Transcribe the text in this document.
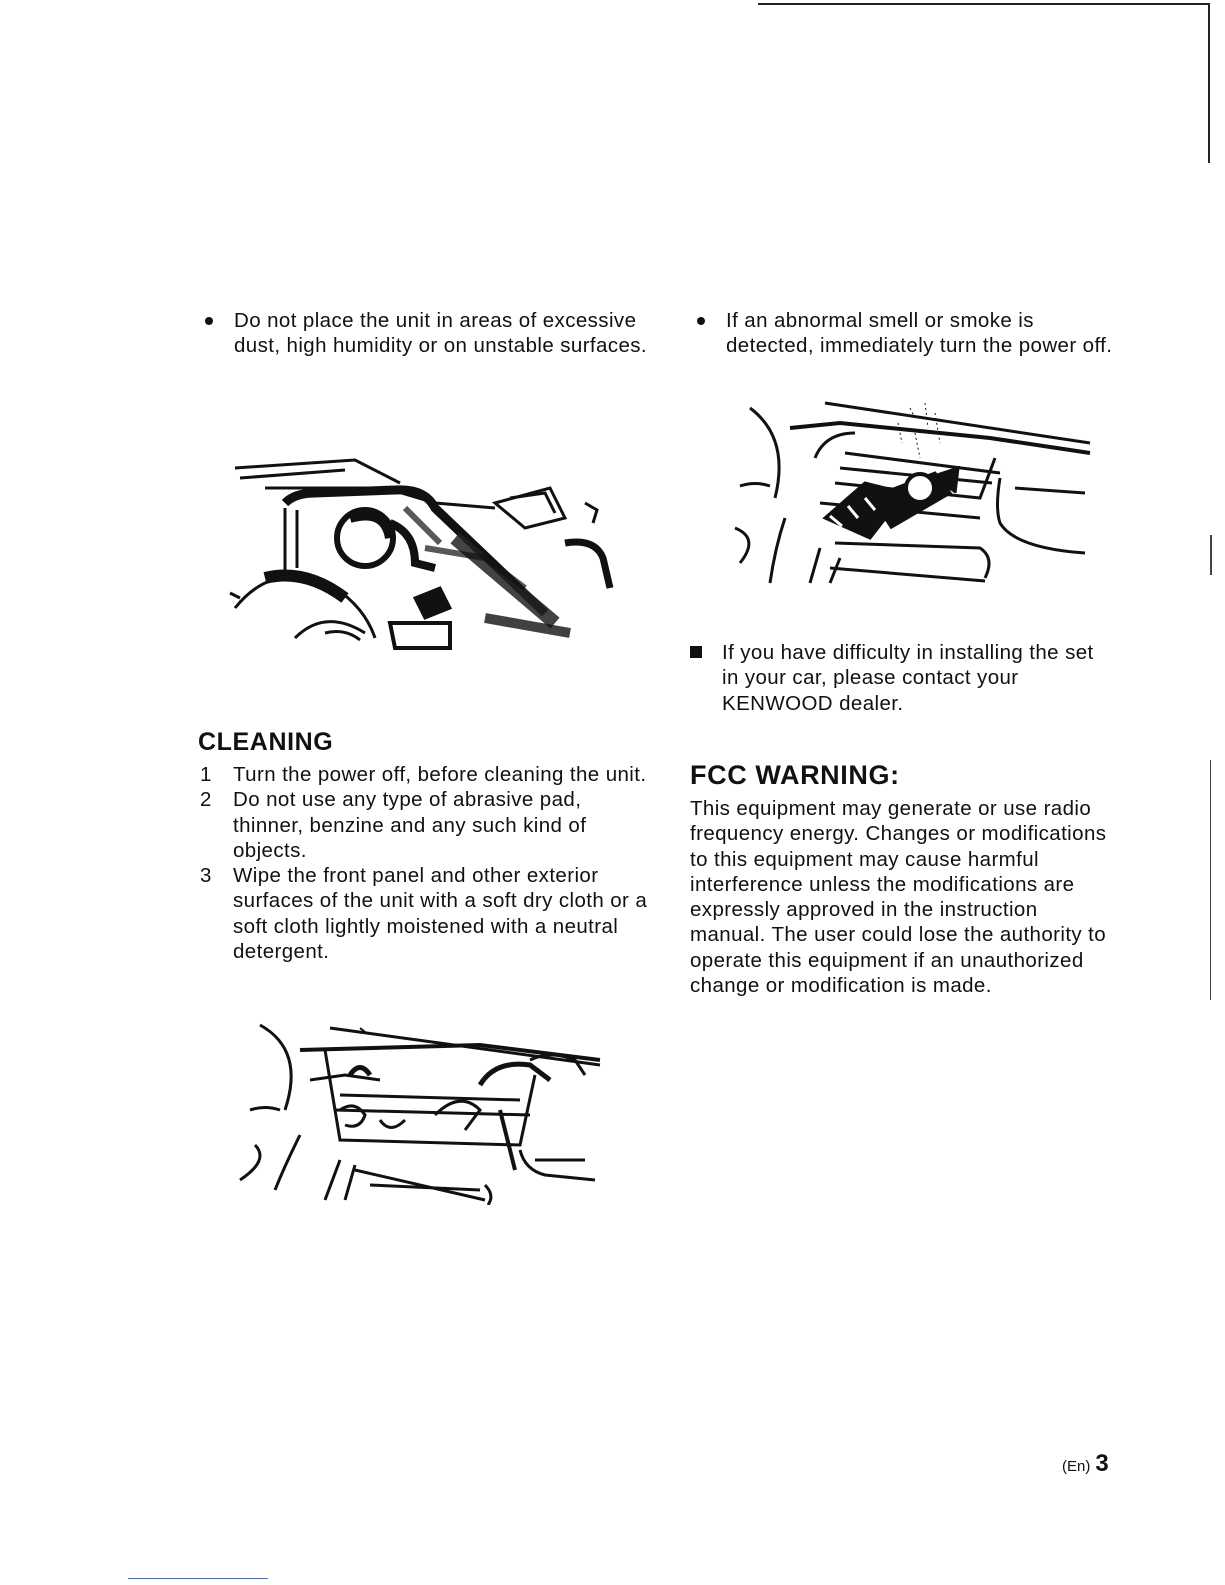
Do not place the unit in areas of excessive dust, high humidity or on unstable surfaces.
CLEANING
1 Turn the power off, before cleaning the unit.
2 Do not use any type of abrasive pad, thinner, benzine and any such kind of objects.
3 Wipe the front panel and other exterior surfaces of the unit with a soft dry cloth or a soft cloth lightly moistened with a neutral detergent.
If an abnormal smell or smoke is detected, immediately turn the power off.
If you have difficulty in installing the set in your car, please contact your KENWOOD dealer.
FCC WARNING:

This equipment may generate or use radio frequency energy. Changes or modifications to this equipment may cause harmful interference unless the modifications are expressly approved in the instruction manual. The user could lose the authority to operate this equipment if an unauthorized change or modification is made.

(En) 3
